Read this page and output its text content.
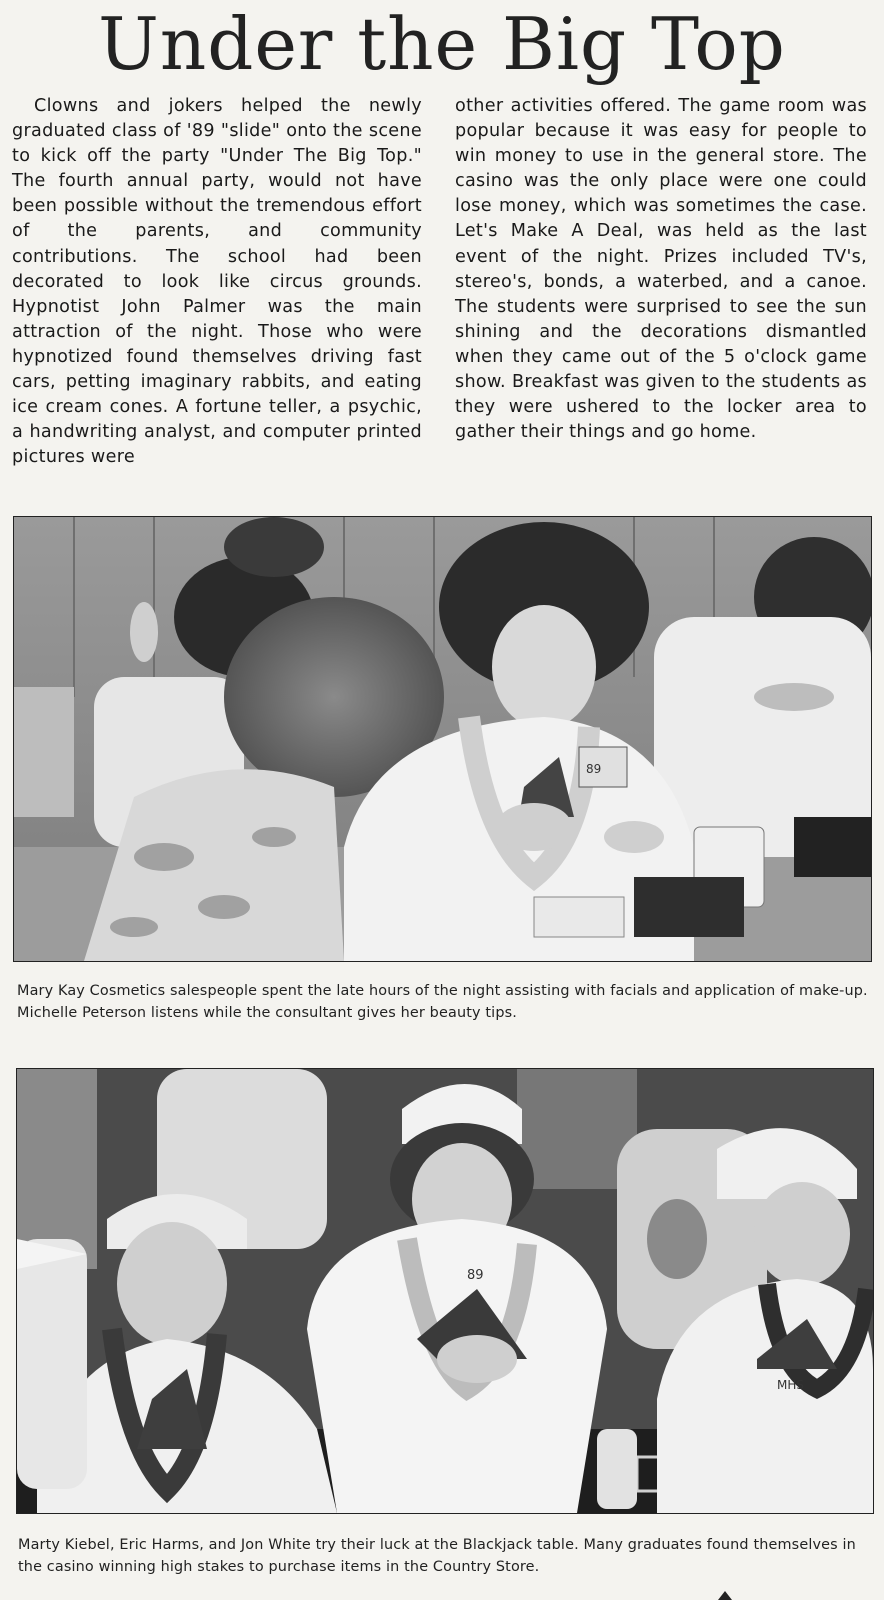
Under the Big Top

Clowns and jokers helped the newly graduated class of '89 "slide" onto the scene to kick off the party "Under The Big Top." The fourth annual party, would not have been possible without the tremendous effort of the parents, and community contributions. The school had been decorated to look like circus grounds. Hypnotist John Palmer was the main attraction of the night. Those who were hypnotized found themselves driving fast cars, petting imaginary rabbits, and eating ice cream cones. A fortune teller, a psychic, a handwriting analyst, and computer printed pictures were

other activities offered. The game room was popular because it was easy for people to win money to use in the general store. The casino was the only place were one could lose money, which was sometimes the case. Let's Make A Deal, was held as the last event of the night. Prizes included TV's, stereo's, bonds, a waterbed, and a canoe. The students were surprised to see the sun shining and the decorations dismantled when they came out of the 5 o'clock game show. Breakfast was given to the students as they were ushered to the locker area to gather their things and go home.

89

Mary Kay Cosmetics salespeople spent the late hours of the night assisting with facials and application of make-up. Michelle Peterson listens while the consultant gives her beauty tips.

89
MHS

Marty Kiebel, Eric Harms, and Jon White try their luck at the Blackjack table. Many graduates found themselves in the casino winning high stakes to purchase items in the Country Store.
